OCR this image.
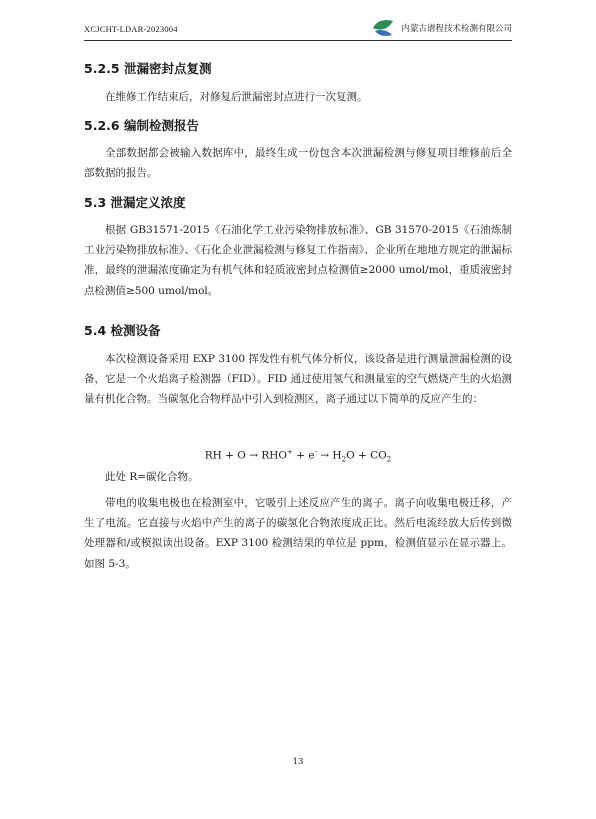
XCJCHT-LDAR-2023004	内蒙古谱程技术检测有限公司
5.2.5 泄漏密封点复测

在维修工作结束后，对修复后泄漏密封点进行一次复测。

5.2.6 编制检测报告

全部数据都会被输入数据库中，最终生成一份包含本次泄漏检测与修复项目维修前后全部数据的报告。

5.3 泄漏定义浓度

根据 GB31571-2015《石油化学工业污染物排放标准》、GB 31570-2015《石油炼制工业污染物排放标准》、《石化企业泄漏检测与修复工作指南》、企业所在地地方规定的泄漏标准，最终的泄漏浓度确定为有机气体和轻质液密封点检测值≥2000 umol/mol，重质液密封点检测值≥500 umol/mol。

5.4 检测设备

本次检测设备采用 EXP 3100 挥发性有机气体分析仪，该设备是进行测量泄漏检测的设备，它是一个火焰离子检测器（FID）。FID 通过使用氢气和测量室的空气燃烧产生的火焰测量有机化合物。当碳氢化合物样品中引入到检测区，离子通过以下简单的反应产生的：

RH + $O \to RHO^+ + e^- \to H_2O + CO_2$

此处 R=碳化合物。

带电的收集电极也在检测室中，它吸引上述反应产生的离子。离子向收集电极迁移，产生了电流。它直接与火焰中产生的离子的碳氢化合物浓度成正比。然后电流经放大后传到微处理器和/或模拟读出设备。EXP 3100 检测结果的单位是 ppm，检测值显示在显示器上。如图 5-3。

13
